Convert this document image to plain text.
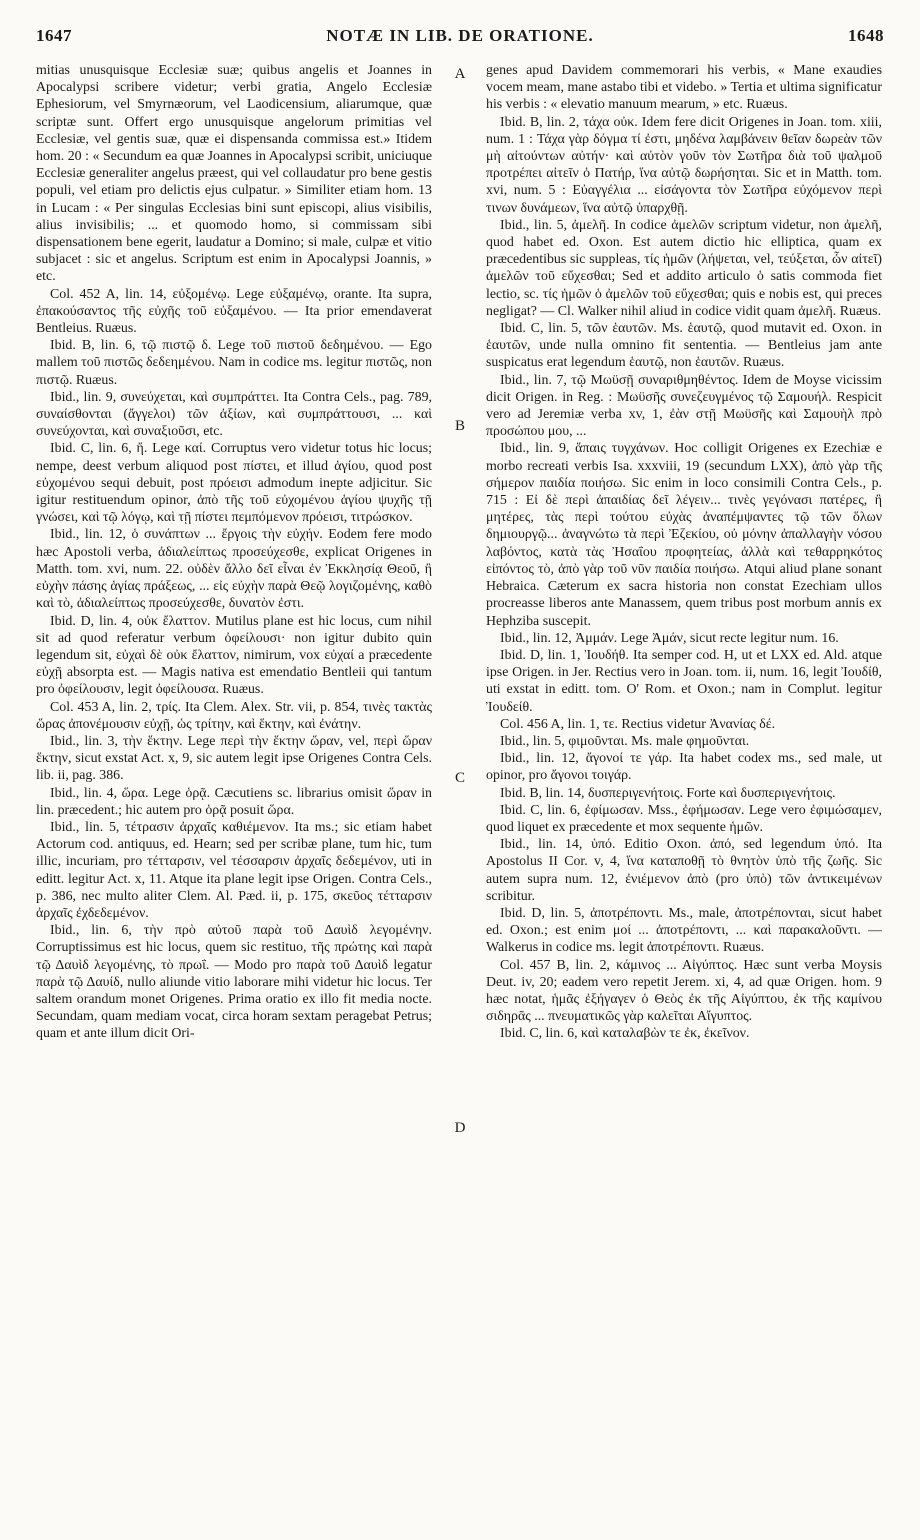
1647	NOTÆ IN LIB. DE ORATIONE.	1648

mitias unusquisque Ecclesiæ suæ; quibus angelis et Joannes in Apocalypsi scribere videtur; verbi gratia, Angelo Ecclesiæ Ephesiorum, vel Smyrnæorum, vel Laodicensium, aliarumque, quæ scriptæ sunt. Offert ergo unusquisque angelorum primitias vel Ecclesiæ, vel gentis suæ, quæ ei dispensanda commissa est.» Itidem hom. 20 : « Secundum ea quæ Joannes in Apocalypsi scribit, uniciuque Ecclesiæ generaliter angelus præest, qui vel collaudatur pro bene gestis populi, vel etiam pro delictis ejus culpatur. » Similiter etiam hom. 13 in Lucam : « Per singulas Ecclesias bini sunt episcopi, alius visibilis, alius invisibilis; ... et quomodo homo, si commissam sibi dispensationem bene egerit, laudatur a Domino; si male, culpæ et vitio subjacet : sic et angelus. Scriptum est enim in Apocalypsi Joannis, » etc.

Col. 452 A, lin. 14, εὐξομένῳ. Lege εὐξαμένῳ, orante. Ita supra, ἐπακούσαντος τῆς εὐχῆς τοῦ εὐξαμένου. — Ita prior emendaverat Bentleius. Ruæus.

Ibid. B, lin. 6, τῷ πιστῷ δ. Lege τοῦ πιστοῦ δεδημένου. — Ego mallem τοῦ πιστῶς δεδεημένου. Nam in codice ms. legitur πιστῶς, non πιστῷ. Ruæus.

Ibid., lin. 9, συνεύχεται, καὶ συμπράττει. Ita Contra Cels., pag. 789, συναίσθονται (ἄγγελοι) τῶν ἀξίων, καὶ συμπράττουσι, ... καὶ συνεύχονται, καὶ συναξιοῦσι, etc.

Ibid. C, lin. 6, ἤ. Lege καί. Corruptus vero videtur totus hic locus; nempe, deest verbum aliquod post πίστει, et illud ἁγίου, quod post εὐχομένου sequi debuit, post πρόεισι admodum inepte adjicitur. Sic igitur restituendum opinor, ἀπὸ τῆς τοῦ εὐχομένου ἁγίου ψυχῆς τῇ γνώσει, καὶ τῷ λόγῳ, καὶ τῇ πίστει πεμπόμενον πρόεισι, τιτρώσκον.

Ibid., lin. 12, ὁ συνάπτων ... ἔργοις τὴν εὐχήν. Eodem fere modo hæc Apostoli verba, ἀδιαλείπτως προσεύχεσθε, explicat Origenes in Matth. tom. xvi, num. 22. οὐδὲν ἄλλο δεῖ εἶναι ἐν Ἐκκλησίᾳ Θεοῦ, ἢ εὐχὴν πάσης ἁγίας πράξεως, ... εἰς εὐχὴν παρὰ Θεῷ λογιζομένης, καθὸ καὶ τὸ, ἀδιαλείπτως προσεύχεσθε, δυνατὸν ἐστι.

Ibid. D, lin. 4, οὐκ ἔλαττον. Mutilus plane est hic locus, cum nihil sit ad quod referatur verbum ὀφείλουσι· non igitur dubito quin legendum sit, εὐχαὶ δὲ οὐκ ἔλαττον, nimirum, vox εὐχαί a præcedente εὐχῇ absorpta est. — Magis nativa est emendatio Bentleii qui tantum pro ὀφείλουσιν, legit ὀφείλουσα. Ruæus.

Col. 453 A, lin. 2, τρίς. Ita Clem. Alex. Str. vii, p. 854, τινὲς τακτὰς ὥρας ἀπονέμουσιν εὐχῇ, ὡς τρίτην, καὶ ἕκτην, καὶ ἐνάτην.

Ibid., lin. 3, τὴν ἕκτην. Lege περὶ τὴν ἕκτην ὥραν, vel, περὶ ὥραν ἕκτην, sicut exstat Act. x, 9, sic autem legit ipse Origenes Contra Cels. lib. ii, pag. 386.

Ibid., lin. 4, ὥρα. Lege ὁρᾷ. Cæcutiens sc. librarius omisit ὥραν in lin. præcedent.; hic autem pro ὁρᾷ posuit ὥρα.

Ibid., lin. 5, τέτρασιν ἀρχαῖς καθιέμενον. Ita ms.; sic etiam habet Actorum cod. antiquus, ed. Hearn; sed per scribæ plane, tum hic, tum illic, incuriam, pro τέτταρσιν, vel τέσσαρσιν ἀρχαῖς δεδεμένον, uti in editt. legitur Act. x, 11. Atque ita plane legit ipse Origen. Contra Cels., p. 386, nec multo aliter Clem. Al. Pæd. ii, p. 175, σκεῦος τέτταρσιν ἀρχαῖς ἐχδεδεμένον.

Ibid., lin. 6, τὴν πρὸ αὐτοῦ παρὰ τοῦ Δαυὶδ λεγομένην. Corruptissimus est hic locus, quem sic restituo, τῆς πρώτης καὶ παρὰ τῷ Δαυὶδ λεγομένης, τὸ πρωΐ. — Modo pro παρὰ τοῦ Δαυὶδ legatur παρὰ τῷ Δαυίδ, nullo aliunde vitio laborare mihi videtur hic locus. Ter saltem orandum monet Origenes. Prima oratio ex illo fit media nocte. Secundam, quam mediam vocat, circa horam sextam peragebat Petrus; quam et ante illum dicit Ori-

A
B
C
D

genes apud Davidem commemorari his verbis, « Mane exaudies vocem meam, mane astabo tibi et videbo. » Tertia et ultima significatur his verbis : « elevatio manuum mearum, » etc. Ruæus.

Ibid. B, lin. 2, τάχα οὐκ. Idem fere dicit Origenes in Joan. tom. xiii, num. 1 : Τάχα γὰρ δόγμα τί ἐστι, μηδένα λαμβάνειν θεῖαν δωρεὰν τῶν μὴ αἰτούντων αὐτήν· καὶ αὐτὸν γοῦν τὸν Σωτῆρα διὰ τοῦ ψαλμοῦ προτρέπει αἰτεῖν ὁ Πατήρ, ἵνα αὐτῷ δωρήσηται. Sic et in Matth. tom. xvi, num. 5 : Εὐαγγέλια ... εἰσάγοντα τὸν Σωτῆρα εὐχόμενον περὶ τινων δυνάμεων, ἵνα αὐτῷ ὑπαρχθῇ.

Ibid., lin. 5, ἀμελῆ. In codice ἀμελῶν scriptum videtur, non ἀμελῆ, quod habet ed. Oxon. Est autem dictio hic elliptica, quam ex præcedentibus sic suppleas, τίς ἡμῶν (λήψεται, vel, τεύξεται, ὧν αἰτεῖ) ἀμελῶν τοῦ εὔχεσθαι; Sed et addito articulo ὁ satis commoda fiet lectio, sc. τίς ἡμῶν ὁ ἀμελῶν τοῦ εὔχεσθαι; quis e nobis est, qui preces negligat? — Cl. Walker nihil aliud in codice vidit quam ἀμελῆ. Ruæus.

Ibid. C, lin. 5, τῶν ἑαυτῶν. Ms. ἑαυτῷ, quod mutavit ed. Oxon. in ἑαυτῶν, unde nulla omnino fit sententia. — Bentleius jam ante suspicatus erat legendum ἑαυτῷ, non ἑαυτῶν. Ruæus.

Ibid., lin. 7, τῷ Μωϋσῇ συναριθμηθέντος. Idem de Moyse vicissim dicit Origen. in Reg. : Μωϋσῆς συνεζευγμένος τῷ Σαμουήλ. Respicit vero ad Jeremiæ verba xv, 1, ἐὰν στῇ Μωϋσῆς καὶ Σαμουὴλ πρὸ προσώπου μου, ...

Ibid., lin. 9, ἅπαις τυγχάνων. Hoc colligit Origenes ex Ezechiæ e morbo recreati verbis Isa. xxxviii, 19 (secundum LXX), ἀπὸ γὰρ τῆς σήμερον παιδία ποιήσω. Sic enim in loco consimili Contra Cels., p. 715 : Εἰ δὲ περὶ ἀπαιδίας δεῖ λέγειν... τινὲς γεγόνασι πατέρες, ἢ μητέρες, τὰς περὶ τούτου εὐχὰς ἀναπέμψαντες τῷ τῶν ὅλων δημιουργῷ... ἀναγνώτω τὰ περὶ Ἐζεκίου, οὐ μόνην ἀπαλλαγὴν νόσου λαβόντος, κατὰ τὰς Ἠσαΐου προφητείας, ἀλλὰ καὶ τεθαρρηκότος εἰπόντος τὸ, ἀπὸ γὰρ τοῦ νῦν παιδία ποιήσω. Atqui aliud plane sonant Hebraica. Cæterum ex sacra historia non constat Ezechiam ullos procreasse liberos ante Manassem, quem tribus post morbum annis ex Hephziba suscepit.

Ibid., lin. 12, Ἀμμάν. Lege Ἀμάν, sicut recte legitur num. 16.

Ibid. D, lin. 1, Ἰουδήθ. Ita semper cod. H, ut et LXX ed. Ald. atque ipse Origen. in Jer. Rectius vero in Joan. tom. ii, num. 16, legit Ἰουδίθ, uti exstat in editt. tom. O' Rom. et Oxon.; nam in Complut. legitur Ἰουδείθ.

Col. 456 A, lin. 1, τε. Rectius videtur Ἀνανίας δέ.

Ibid., lin. 5, φιμοῦνται. Ms. male φημοῦνται.

Ibid., lin. 12, ἄγονοί τε γάρ. Ita habet codex ms., sed male, ut opinor, pro ἄγονοι τοιγάρ.

Ibid. B, lin. 14, δυσπεριγενήτοις. Forte καὶ δυσπεριγενήτοις.

Ibid. C, lin. 6, ἐφίμωσαν. Mss., ἐφήμωσαν. Lege vero ἐφιμώσαμεν, quod liquet ex præcedente et mox sequente ἡμῶν.

Ibid., lin. 14, ὑπό. Editio Oxon. ἀπό, sed legendum ὑπό. Ita Apostolus II Cor. v, 4, ἵνα καταποθῇ τὸ θνητὸν ὑπὸ τῆς ζωῆς. Sic autem supra num. 12, ἐνιέμενον ἀπὸ (pro ὑπὸ) τῶν ἀντικειμένων scribitur.

Ibid. D, lin. 5, ἀποτρέποντι. Ms., male, ἀποτρέπονται, sicut habet ed. Oxon.; est enim μοί ... ἀποτρέποντι, ... καὶ παρακαλοῦντι. — Walkerus in codice ms. legit ἀποτρέποντι. Ruæus.

Col. 457 B, lin. 2, κάμινος ... Αἰγύπτος. Hæc sunt verba Moysis Deut. iv, 20; eadem vero repetit Jerem. xi, 4, ad quæ Origen. hom. 9 hæc notat, ἡμᾶς ἐξήγαγεν ὁ Θεὸς ἐκ τῆς Αἰγύπτου, ἐκ τῆς καμίνου σιδηρᾶς ... πνευματικῶς γὰρ καλεῖται Αἴγυπτος.

Ibid. C, lin. 6, καὶ καταλαβὼν τε ἐκ, ἐκεῖνον.
